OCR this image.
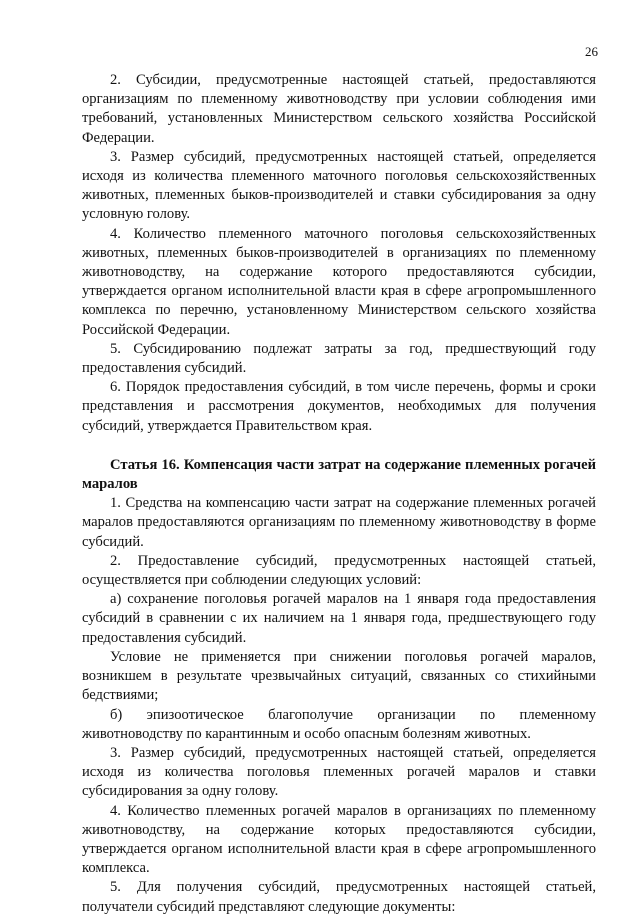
26

2. Субсидии, предусмотренные настоящей статьей, предоставляются организациям по племенному животноводству при условии соблюдения ими требований, установленных Министерством сельского хозяйства Российской Федерации.

3. Размер субсидий, предусмотренных настоящей статьей, определяется исходя из количества племенного маточного поголовья сельскохозяйственных животных, племенных быков-производителей и ставки субсидирования за одну условную голову.

4. Количество племенного маточного поголовья сельскохозяйственных животных, племенных быков-производителей в организациях по племенному животноводству, на содержание которого предоставляются субсидии, утверждается органом исполнительной власти края в сфере агропромышленного комплекса по перечню, установленному Министерством сельского хозяйства Российской Федерации.

5. Субсидированию подлежат затраты за год, предшествующий году предоставления субсидий.

6. Порядок предоставления субсидий, в том числе перечень, формы и сроки представления и рассмотрения документов, необходимых для получения субсидий, утверждается Правительством края.

Статья 16. Компенсация части затрат на содержание племенных рогачей маралов

1. Средства на компенсацию части затрат на содержание племенных рогачей маралов предоставляются организациям по племенному животноводству в форме субсидий.

2. Предоставление субсидий, предусмотренных настоящей статьей, осуществляется при соблюдении следующих условий:

а) сохранение поголовья рогачей маралов на 1 января года предоставления субсидий в сравнении с их наличием на 1 января года, предшествующего году предоставления субсидий.

Условие не применяется при снижении поголовья рогачей маралов, возникшем в результате чрезвычайных ситуаций, связанных со стихийными бедствиями;

б) эпизоотическое благополучие организации по племенному животноводству по карантинным и особо опасным болезням животных.

3. Размер субсидий, предусмотренных настоящей статьей, определяется исходя из количества поголовья племенных рогачей маралов и ставки субсидирования за одну голову.

4. Количество племенных рогачей маралов в организациях по племенному животноводству, на содержание которых предоставляются субсидии, утверждается органом исполнительной власти края в сфере агропромышленного комплекса.

5. Для получения субсидий, предусмотренных настоящей статьей, получатели субсидий представляют следующие документы:
